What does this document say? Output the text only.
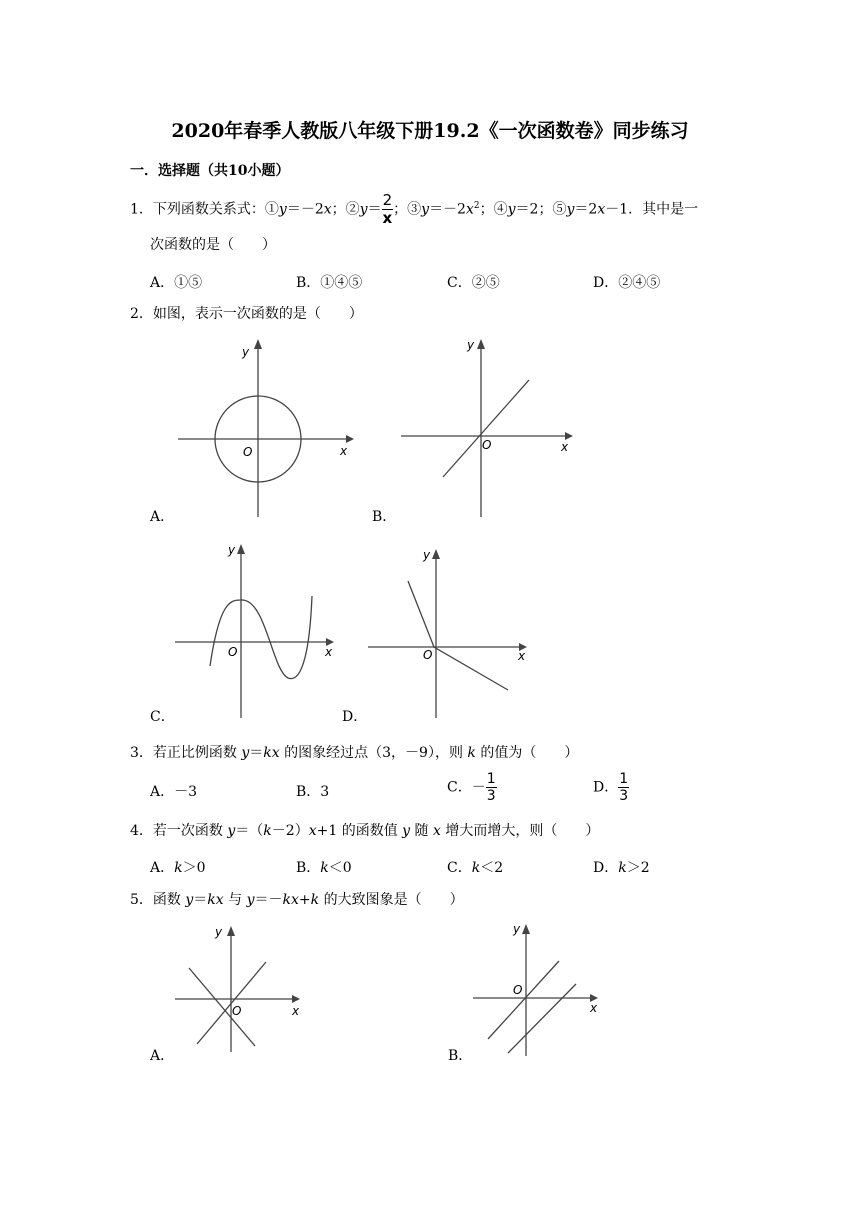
2020年春季人教版八年级下册19.2《一次函数卷》同步练习
一．选择题（共10小题）
1．下列函数关系式：①y＝－2x；②y＝ $\frac{2}{x}$ ；$③y=-2x^2$；④y＝2；⑤y＝2x－1．其中是一
次函数的是（　　）
A．①⑤	B．①④⑤	C．②⑤	D．②④⑤
2．如图，表示一次函数的是（　　）
y
x
O
A．
y
x
O
B．
y
x
O
C．
y
x
O
D．
3．若正比例函数 y＝kx 的图象经过点（3，－9），则 k 的值为（　　）
A．－3	B．3	C．－ $\frac{1}{3}$	D． $\frac{1}{3}$
4．若一次函数 y＝（k－2）x+1 的函数值 y 随 x 增大而增大，则（　　）
A．k＞0	B．k＜0	C．k＜2	D．k＞2
5．函数 y＝kx 与 y＝－kx+k 的大致图象是（　　）
y
x
O
A．
y
x
O
B．
